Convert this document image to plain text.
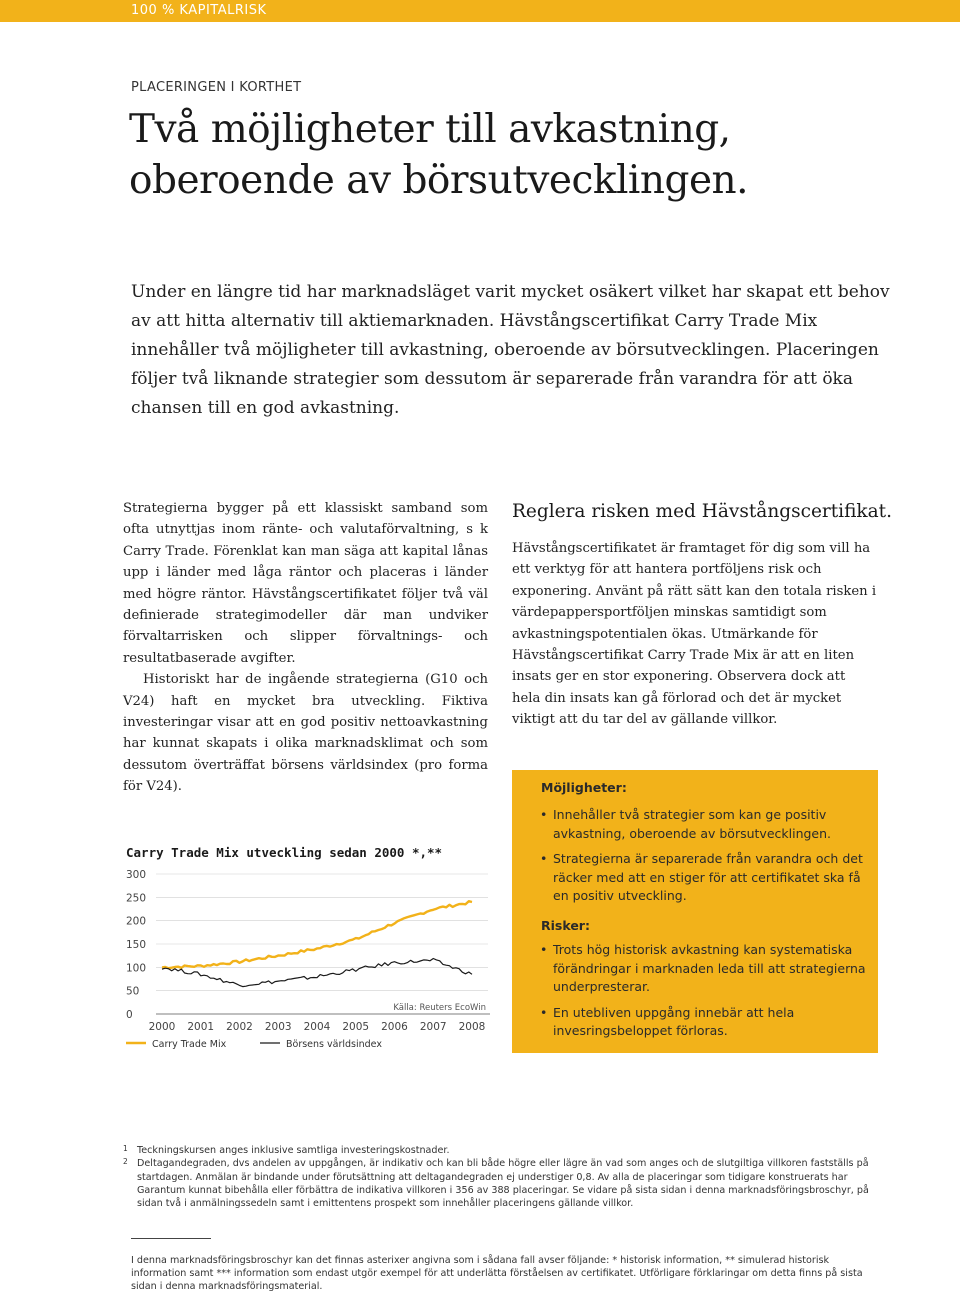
100 % KAPITALRISK
PLACERINGEN I KORTHET
Två möjligheter till avkastning,
oberoende av börsutvecklingen.
Under en längre tid har marknadsläget varit mycket osäkert vilket har skapat ett behov av att hitta alternativ till aktiemarknaden. Hävstångscertifikat Carry Trade Mix innehåller två möjligheter till avkastning, oberoende av börsutvecklingen. Placeringen följer två liknande strategier som dessutom är separerade från varandra för att öka chansen till en god avkastning.

Strategierna bygger på ett klassiskt samband som ofta utnyttjas inom ränte- och valutaförvaltning, s k Carry Trade. Förenklat kan man säga att kapital lånas upp i länder med låga räntor och placeras i länder med högre räntor. Hävstångscertifikatet följer två väl definierade strategimodeller där man undviker förvaltarrisken och slipper förvaltnings- och resultatbaserade avgifter.

Historiskt har de ingående strategierna (G10 och V24) haft en mycket bra utveckling. Fiktiva investeringar visar att en god positiv nettoavkastning har kunnat skapats i olika marknadsklimat och som dessutom överträffat börsens världsindex (pro forma för V24).

Reglera risken med Hävstångscertifikat.
Hävstångscertifikatet är framtaget för dig som vill ha ett verktyg för att hantera portföljens risk och exponering. Använt på rätt sätt kan den totala risken i värdepappersportföljen minskas samtidigt som avkastningspotentialen ökas. Utmärkande för Hävstångscertifikat Carry Trade Mix är att en liten insats ger en stor exponering. Observera dock att hela din insats kan gå förlorad och det är mycket viktigt att du tar del av gällande villkor.
Carry Trade Mix utveckling sedan 2000 *,**
0
50
100
150
200
250
300
2000 2001 2002 2003 2004 2005 2006 2007 2008
Källa: Reuters EcoWin
Carry Trade Mix	Börsens världsindex
Möjligheter:
• Innehåller två strategier som kan ge positiv avkastning, oberoende av börsutvecklingen.
• Strategierna är separerade från varandra och det räcker med att en stiger för att certifikatet ska få en positiv utveckling.
Risker:
• Trots hög historisk avkastning kan systematiska förändringar i marknaden leda till att strategierna underpresterar.
• En utebliven uppgång innebär att hela invesringsbeloppet förloras.
1 Teckningskursen anges inklusive samtliga investeringskostnader.
2 Deltagandegraden, dvs andelen av uppgången, är indikativ och kan bli både högre eller lägre än vad som anges och de slutgiltiga villkoren fastställs på startdagen. Anmälan är bindande under förutsättning att deltagandegraden ej understiger 0,8. Av alla de placeringar som tidigare konstruerats har Garantum kunnat bibehålla eller förbättra de indikativa villkoren i 356 av 388 placeringar. Se vidare på sista sidan i denna marknadsföringsbroschyr, på sidan två i anmälningssedeln samt i emittentens prospekt som innehåller placeringens gällande villkor.
I denna marknadsföringsbroschyr kan det finnas asterixer angivna som i sådana fall avser följande: * historisk information, ** simulerad historisk information samt *** information som endast utgör exempel för att underlätta förståelsen av certifikatet. Utförligare förklaringar om detta finns på sista sidan i denna marknadsföringsmaterial.
